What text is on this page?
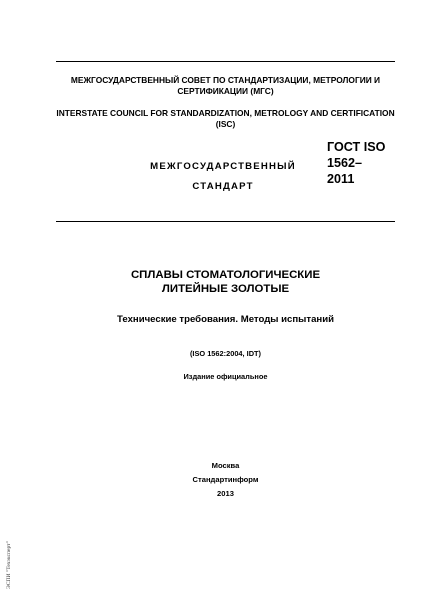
МЕЖГОСУДАРСТВЕННЫЙ СОВЕТ ПО СТАНДАРТИЗАЦИИ, МЕТРОЛОГИИ И
СЕРТИФИКАЦИИ (МГС)
INTERSTATE COUNCIL FOR STANDARDIZATION, METROLOGY AND CERTIFICATION
(ISC)
МЕЖГОСУДАРСТВЕННЫЙ
СТАНДАРТ
ГОСТ ISO
1562–
2011
СПЛАВЫ СТОМАТОЛОГИЧЕСКИЕ
ЛИТЕЙНЫЕ ЗОЛОТЫЕ
Технические требования. Методы испытаний
(ISO 1562:2004, IDT)
Издание официальное
Москва
Стандартинформ
2013
ЭСПИ "Техэксперт"
